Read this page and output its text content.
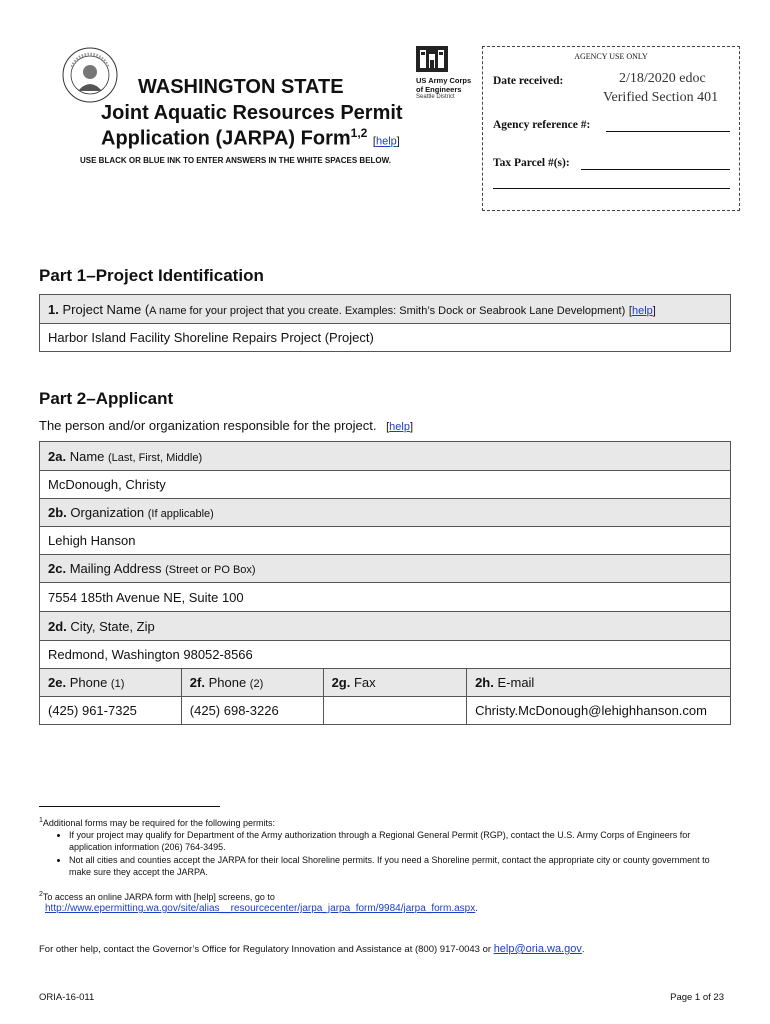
WASHINGTON STATE
Joint Aquatic Resources Permit
Application (JARPA) Form$^{1,2}$ [help]
USE BLACK OR BLUE INK TO ENTER ANSWERS IN THE WHITE SPACES BELOW.
US Army Corps
of Engineers
Seattle District
AGENCY USE ONLY
Date received:	2/18/2020 edoc
Verified Section 401
Agency reference #:
Tax Parcel #(s):
Part 1–Project Identification
1. Project Name (A name for your project that you create. Examples: Smith’s Dock or Seabrook Lane Development) [help]
Harbor Island Facility Shoreline Repairs Project (Project)
Part 2–Applicant
The person and/or organization responsible for the project. [help]
2a. Name (Last, First, Middle)			
McDonough, Christy			
2b. Organization (If applicable)			
Lehigh Hanson			
2c. Mailing Address (Street or PO Box)			
7554 185th Avenue NE, Suite 100			
2d. City, State, Zip			
Redmond, Washington 98052-8566			
2e. Phone (1)	2f. Phone (2)	2g. Fax	2h. E-mail
(425) 961-7325	(425) 698-3226		Christy.McDonough@lehighhanson.com
$^1$Additional forms may be required for the following permits:
• If your project may qualify for Department of the Army authorization through a Regional General Permit (RGP), contact the U.S. Army Corps of Engineers for application information (206) 764-3495.
• Not all cities and counties accept the JARPA for their local Shoreline permits. If you need a Shoreline permit, contact the appropriate city or county government to make sure they accept the JARPA.
$^2$To access an online JARPA form with [help] screens, go to
http://www.epermitting.wa.gov/site/alias__resourcecenter/jarpa_jarpa_form/9984/jarpa_form.aspx.
For other help, contact the Governor’s Office for Regulatory Innovation and Assistance at (800) 917-0043 or help@oria.wa.gov.
ORIA-16-011	Page 1 of 23
